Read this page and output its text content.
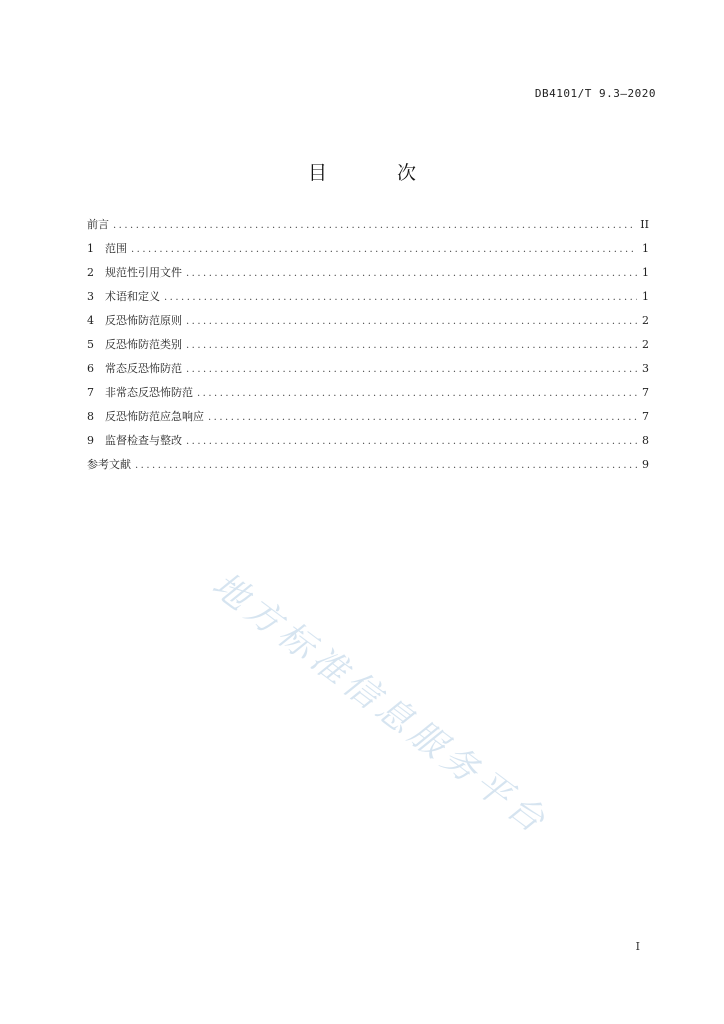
DB4101/T 9.3—2020
目 次
前言 .....	II
1	范围 .....	1
2	规范性引用文件 .....	1
3	术语和定义 .....	1
4	反恐怖防范原则 .....	2
5	反恐怖防范类别 .....	2
6	常态反恐怖防范 .....	3
7	非常态反恐怖防范 .....	7
8	反恐怖防范应急响应 .....	7
9	监督检查与整改 .....	8
参考文献 .....	9
地方标准信息服务平台
I
